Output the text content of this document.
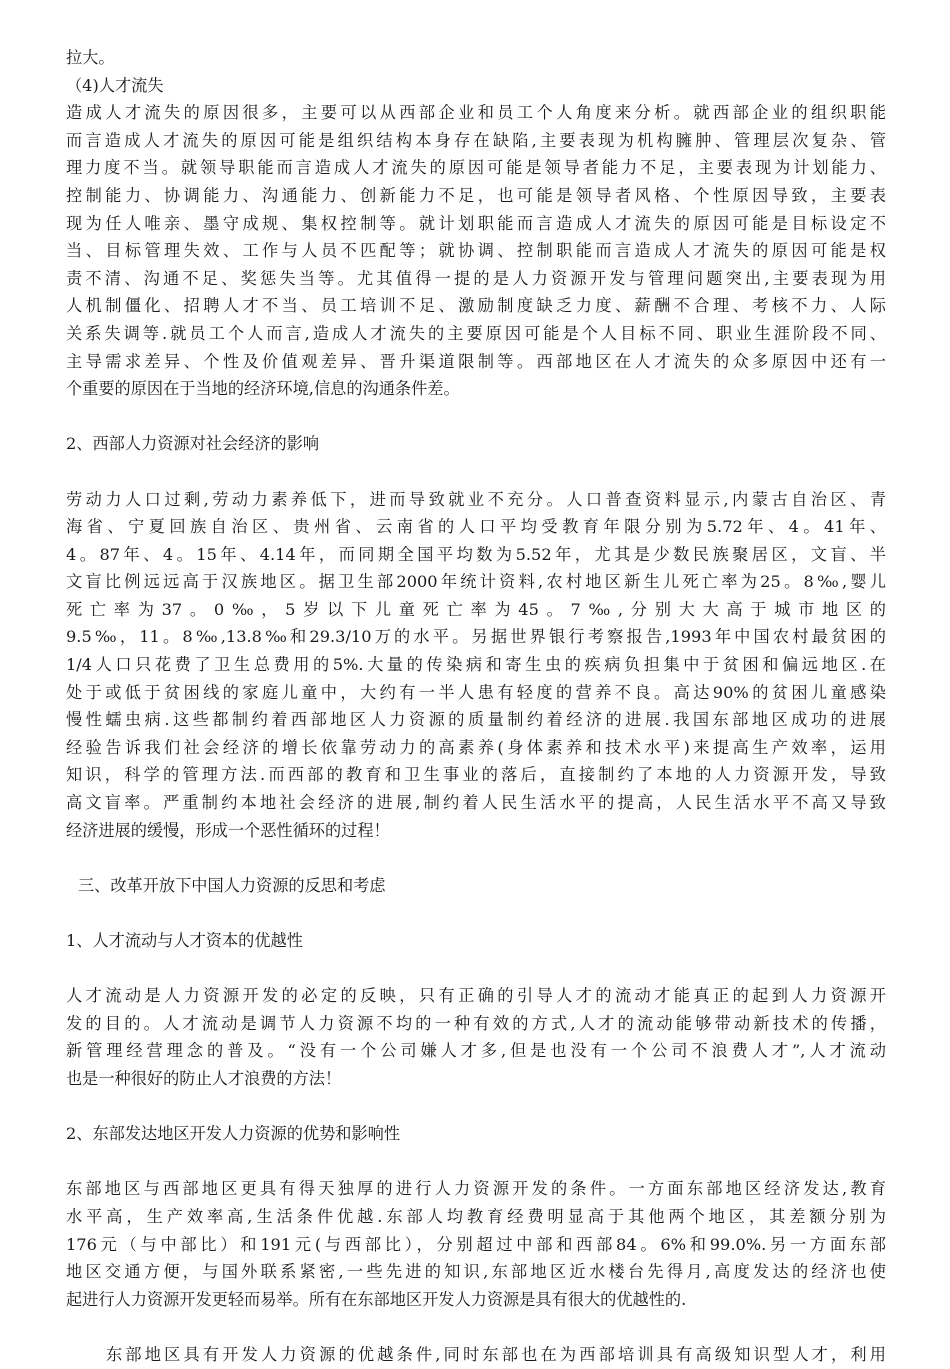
拉大。
（4)人才流失
造成人才流失的原因很多，主要可以从西部企业和员工个人角度来分析。就西部企业的组织职能
而言造成人才流失的原因可能是组织结构本身存在缺陷,主要表现为机构臃肿、管理层次复杂、管
理力度不当。就领导职能而言造成人才流失的原因可能是领导者能力不足，主要表现为计划能力、
控制能力、协调能力、沟通能力、创新能力不足，也可能是领导者风格、个性原因导致，主要表
现为任人唯亲、墨守成规、集权控制等。就计划职能而言造成人才流失的原因可能是目标设定不
当、目标管理失效、工作与人员不匹配等；就协调、控制职能而言造成人才流失的原因可能是权
责不清、沟通不足、奖惩失当等。尤其值得一提的是人力资源开发与管理问题突出,主要表现为用
人机制僵化、招聘人才不当、员工培训不足、激励制度缺乏力度、薪酬不合理、考核不力、人际
关系失调等.就员工个人而言,造成人才流失的主要原因可能是个人目标不同、职业生涯阶段不同、
主导需求差异、个性及价值观差异、晋升渠道限制等。西部地区在人才流失的众多原因中还有一
个重要的原因在于当地的经济环境,信息的沟通条件差。
2、西部人力资源对社会经济的影响
劳动力人口过剩,劳动力素养低下，进而导致就业不充分。人口普查资料显示,内蒙古自治区、青
海省、宁夏回族自治区、贵州省、云南省的人口平均受教育年限分别为5.72年、4。41年、
4。87年、4。15年、4.14年，而同期全国平均数为5.52年，尤其是少数民族聚居区，文盲、半
文盲比例远远高于汉族地区。据卫生部2000年统计资料,农村地区新生儿死亡率为25。8‰,婴儿
死亡率为37。0‰，5岁以下儿童死亡率为45。7‰,分别大大高于城市地区的
9.5‰，11。8‰,13.8‰和29.3/10万的水平。另据世界银行考察报告,1993年中国农村最贫困的
1/4人口只花费了卫生总费用的5%.大量的传染病和寄生虫的疾病负担集中于贫困和偏远地区.在
处于或低于贫困线的家庭儿童中，大约有一半人患有轻度的营养不良。高达90%的贫困儿童感染
慢性蠕虫病.这些都制约着西部地区人力资源的质量制约着经济的进展.我国东部地区成功的进展
经验告诉我们社会经济的增长依靠劳动力的高素养(身体素养和技术水平)来提高生产效率，运用
知识，科学的管理方法.而西部的教育和卫生事业的落后，直接制约了本地的人力资源开发，导致
高文盲率。严重制约本地社会经济的进展,制约着人民生活水平的提高，人民生活水平不高又导致
经济进展的缓慢，形成一个恶性循环的过程！
三、改革开放下中国人力资源的反思和考虑
1、人才流动与人才资本的优越性
人才流动是人力资源开发的必定的反映，只有正确的引导人才的流动才能真正的起到人力资源开
发的目的。人才流动是调节人力资源不均的一种有效的方式,人才的流动能够带动新技术的传播，
新管理经营理念的普及。“没有一个公司嫌人才多,但是也没有一个公司不浪费人才”,人才流动
也是一种很好的防止人才浪费的方法！
2、东部发达地区开发人力资源的优势和影响性
东部地区与西部地区更具有得天独厚的进行人力资源开发的条件。一方面东部地区经济发达,教育
水平高，生产效率高,生活条件优越.东部人均教育经费明显高于其他两个地区，其差额分别为
176元（与中部比）和191元(与西部比），分别超过中部和西部84。6%和99.0%.另一方面东部
地区交通方便，与国外联系紧密,一些先进的知识,东部地区近水楼台先得月,高度发达的经济也使
起进行人力资源开发更轻而易举。所有在东部地区开发人力资源是具有很大的优越性的.
东部地区具有开发人力资源的优越条件,同时东部也在为西部培训具有高级知识型人才，利用
